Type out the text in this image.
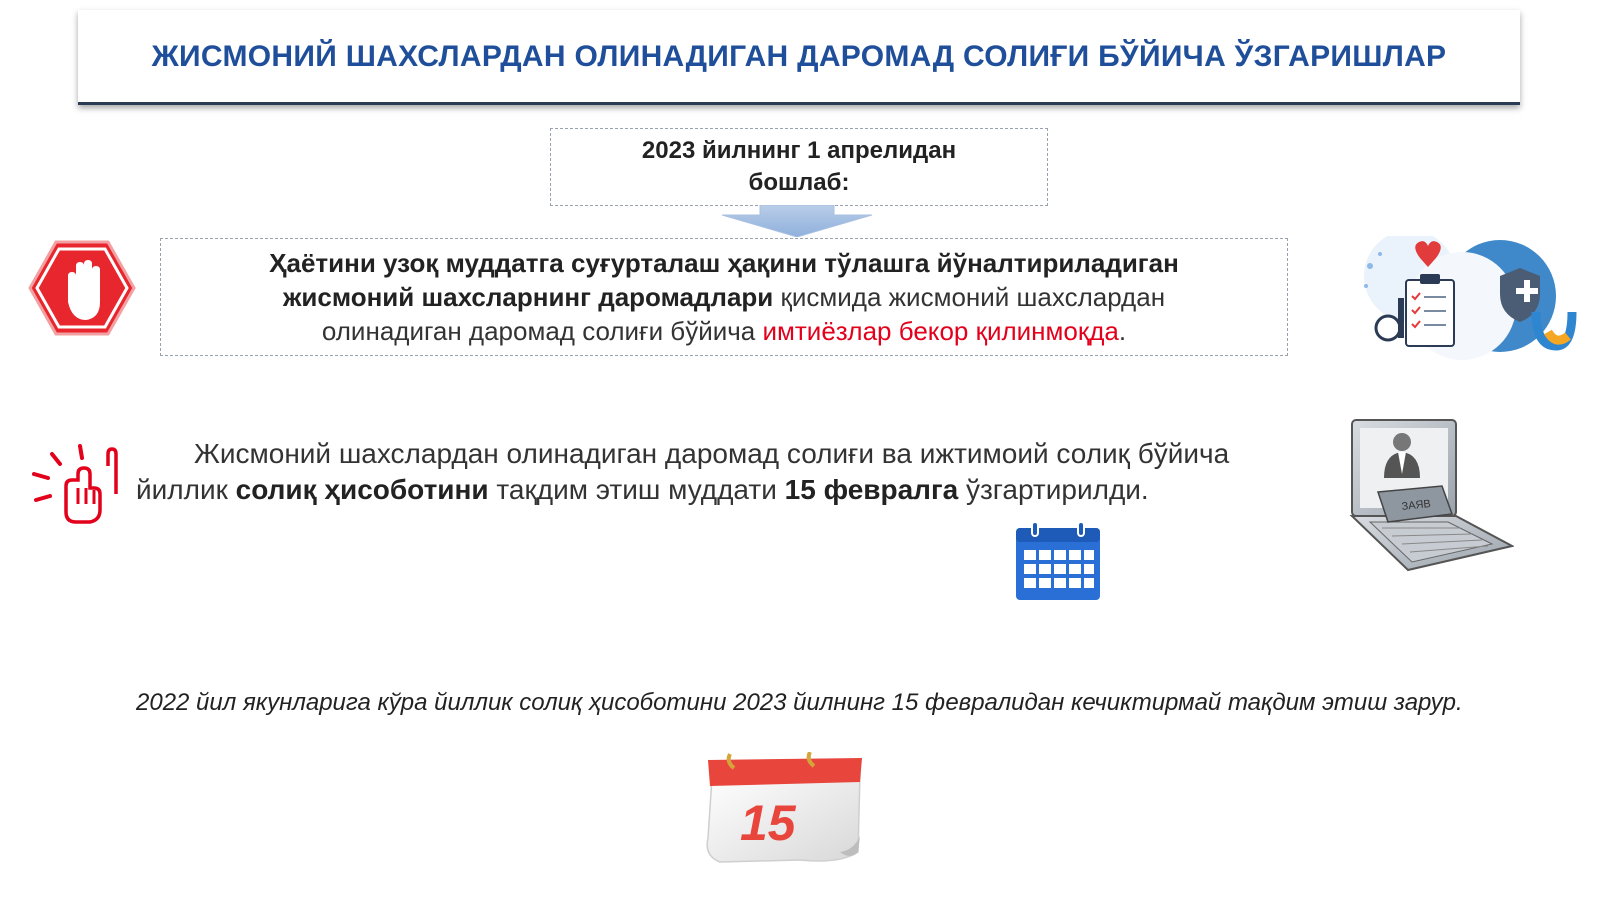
ЖИСМОНИЙ ШАХСЛАРДАН ОЛИНАДИГАН ДАРОМАД СОЛИҒИ БЎЙИЧА ЎЗГАРИШЛАР
2023 йилнинг 1 апрелидан бошлаб:
Ҳаётини узоқ муддатга суғурталаш ҳақини тўлашга йўналтириладиган жисмоний шахсларнинг даромадлари қисмида жисмоний шахслардан олинадиган даромад солиғи бўйича имтиёзлар бекор қилинмоқда.
Жисмоний шахслардан олинадиган даромад солиғи ва ижтимоий солиқ бўйича йиллик солиқ ҳисоботини тақдим этиш муддати 15 февралга ўзгартирилди.
ЗАЯВ
2022 йил якунларига кўра йиллик солиқ ҳисоботини 2023 йилнинг 15 февралидан кечиктирмай тақдим этиш зарур.
15
